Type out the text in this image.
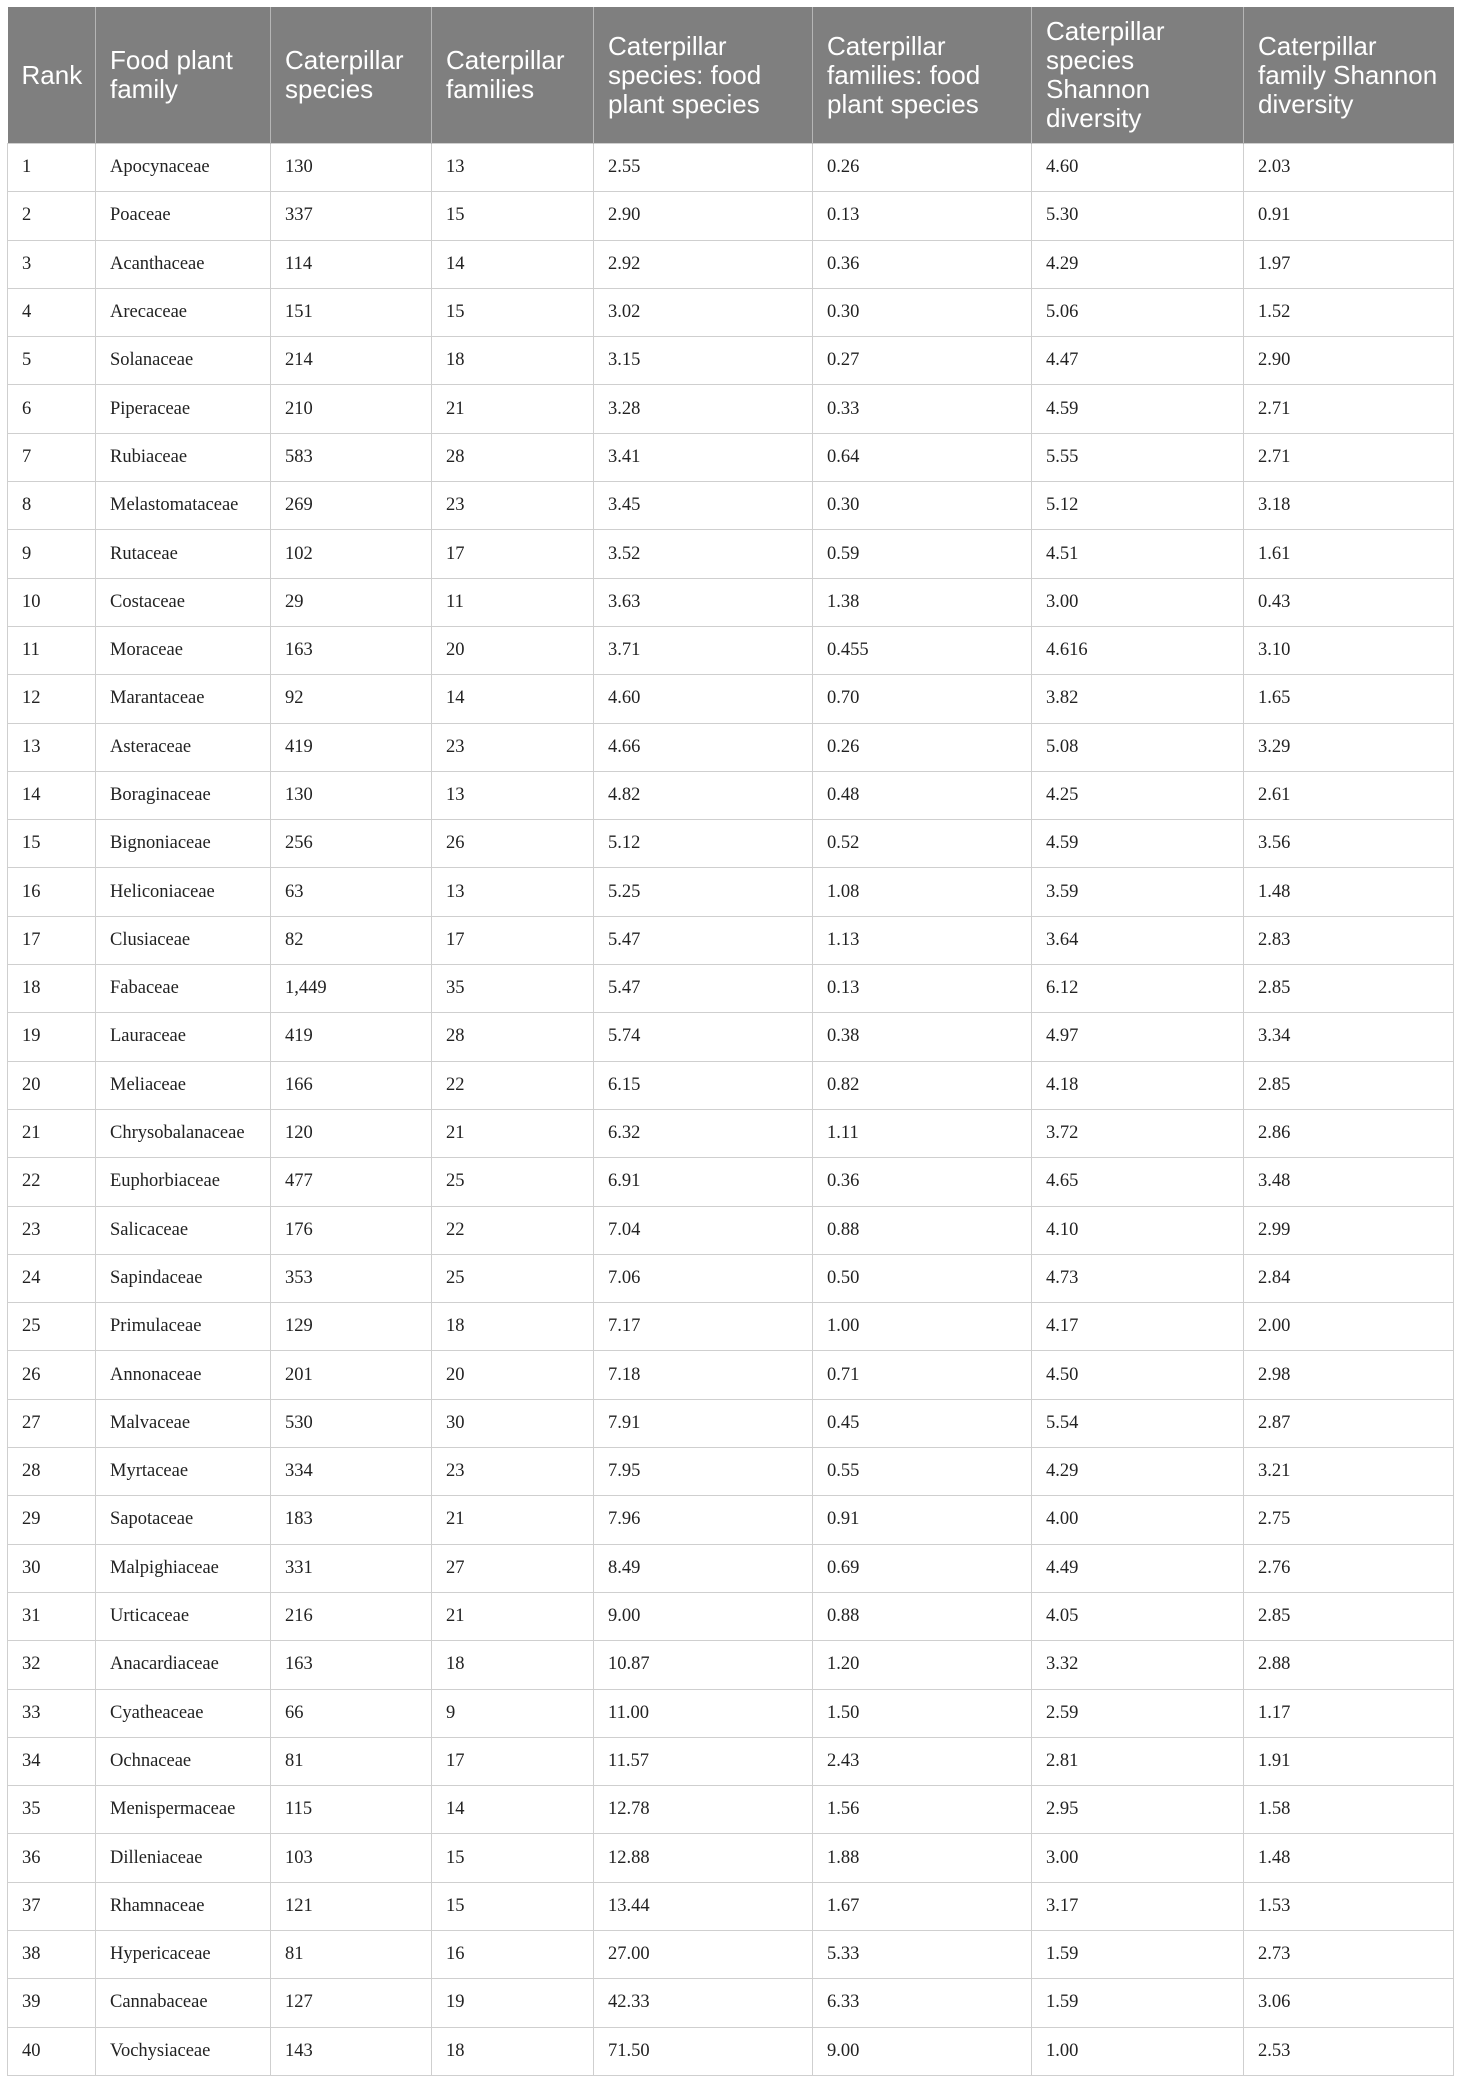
Rank	Food plant family	Caterpillar species	Caterpillar families	Caterpillar species: food plant species	Caterpillar families: food plant species	Caterpillar species Shannon diversity	Caterpillar family Shannon diversity
1	Apocynaceae	130	13	2.55	0.26	4.60	2.03
2	Poaceae	337	15	2.90	0.13	5.30	0.91
3	Acanthaceae	114	14	2.92	0.36	4.29	1.97
4	Arecaceae	151	15	3.02	0.30	5.06	1.52
5	Solanaceae	214	18	3.15	0.27	4.47	2.90
6	Piperaceae	210	21	3.28	0.33	4.59	2.71
7	Rubiaceae	583	28	3.41	0.64	5.55	2.71
8	Melastomataceae	269	23	3.45	0.30	5.12	3.18
9	Rutaceae	102	17	3.52	0.59	4.51	1.61
10	Costaceae	29	11	3.63	1.38	3.00	0.43
11	Moraceae	163	20	3.71	0.455	4.616	3.10
12	Marantaceae	92	14	4.60	0.70	3.82	1.65
13	Asteraceae	419	23	4.66	0.26	5.08	3.29
14	Boraginaceae	130	13	4.82	0.48	4.25	2.61
15	Bignoniaceae	256	26	5.12	0.52	4.59	3.56
16	Heliconiaceae	63	13	5.25	1.08	3.59	1.48
17	Clusiaceae	82	17	5.47	1.13	3.64	2.83
18	Fabaceae	1,449	35	5.47	0.13	6.12	2.85
19	Lauraceae	419	28	5.74	0.38	4.97	3.34
20	Meliaceae	166	22	6.15	0.82	4.18	2.85
21	Chrysobalanaceae	120	21	6.32	1.11	3.72	2.86
22	Euphorbiaceae	477	25	6.91	0.36	4.65	3.48
23	Salicaceae	176	22	7.04	0.88	4.10	2.99
24	Sapindaceae	353	25	7.06	0.50	4.73	2.84
25	Primulaceae	129	18	7.17	1.00	4.17	2.00
26	Annonaceae	201	20	7.18	0.71	4.50	2.98
27	Malvaceae	530	30	7.91	0.45	5.54	2.87
28	Myrtaceae	334	23	7.95	0.55	4.29	3.21
29	Sapotaceae	183	21	7.96	0.91	4.00	2.75
30	Malpighiaceae	331	27	8.49	0.69	4.49	2.76
31	Urticaceae	216	21	9.00	0.88	4.05	2.85
32	Anacardiaceae	163	18	10.87	1.20	3.32	2.88
33	Cyatheaceae	66	9	11.00	1.50	2.59	1.17
34	Ochnaceae	81	17	11.57	2.43	2.81	1.91
35	Menispermaceae	115	14	12.78	1.56	2.95	1.58
36	Dilleniaceae	103	15	12.88	1.88	3.00	1.48
37	Rhamnaceae	121	15	13.44	1.67	3.17	1.53
38	Hypericaceae	81	16	27.00	5.33	1.59	2.73
39	Cannabaceae	127	19	42.33	6.33	1.59	3.06
40	Vochysiaceae	143	18	71.50	9.00	1.00	2.53
